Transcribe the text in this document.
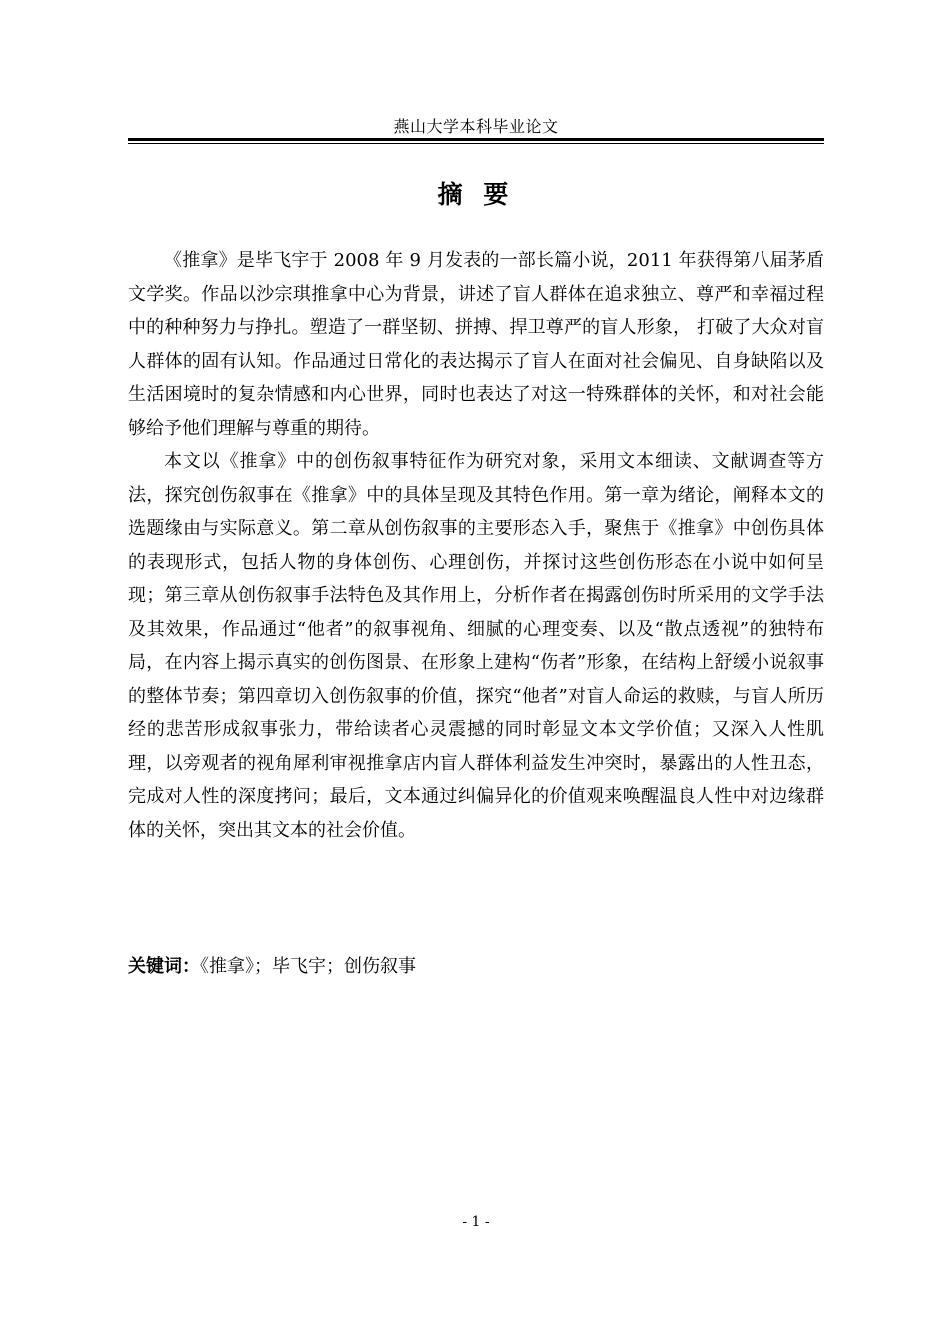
燕山大学本科毕业论文
摘 要

《推拿》是毕飞宇于 2008 年 9 月发表的一部长篇小说，2011 年获得第八届茅盾文学奖。作品以沙宗琪推拿中心为背景，讲述了盲人群体在追求独立、尊严和幸福过程中的种种努力与挣扎。塑造了一群坚韧、拼搏、捍卫尊严的盲人形象， 打破了大众对盲人群体的固有认知。作品通过日常化的表达揭示了盲人在面对社会偏见、自身缺陷以及生活困境时的复杂情感和内心世界，同时也表达了对这一特殊群体的关怀，和对社会能够给予他们理解与尊重的期待。

本文以《推拿》中的创伤叙事特征作为研究对象，采用文本细读、文献调查等方法，探究创伤叙事在《推拿》中的具体呈现及其特色作用。第一章为绪论，阐释本文的选题缘由与实际意义。第二章从创伤叙事的主要形态入手，聚焦于《推拿》中创伤具体的表现形式，包括人物的身体创伤、心理创伤，并探讨这些创伤形态在小说中如何呈现；第三章从创伤叙事手法特色及其作用上，分析作者在揭露创伤时所采用的文学手法及其效果，作品通过“他者”的叙事视角、细腻的心理变奏、以及“散点透视”的独特布局，在内容上揭示真实的创伤图景、在形象上建构“伤者”形象，在结构上舒缓小说叙事的整体节奏；第四章切入创伤叙事的价值，探究“他者”对盲人命运的救赎，与盲人所历经的悲苦形成叙事张力，带给读者心灵震撼的同时彰显文本文学价值；又深入人性肌理，以旁观者的视角犀利审视推拿店内盲人群体利益发生冲突时，暴露出的人性丑态，完成对人性的深度拷问；最后，文本通过纠偏异化的价值观来唤醒温良人性中对边缘群体的关怀，突出其文本的社会价值。

关键词：《推拿》；毕飞宇；创伤叙事
- 1 -
